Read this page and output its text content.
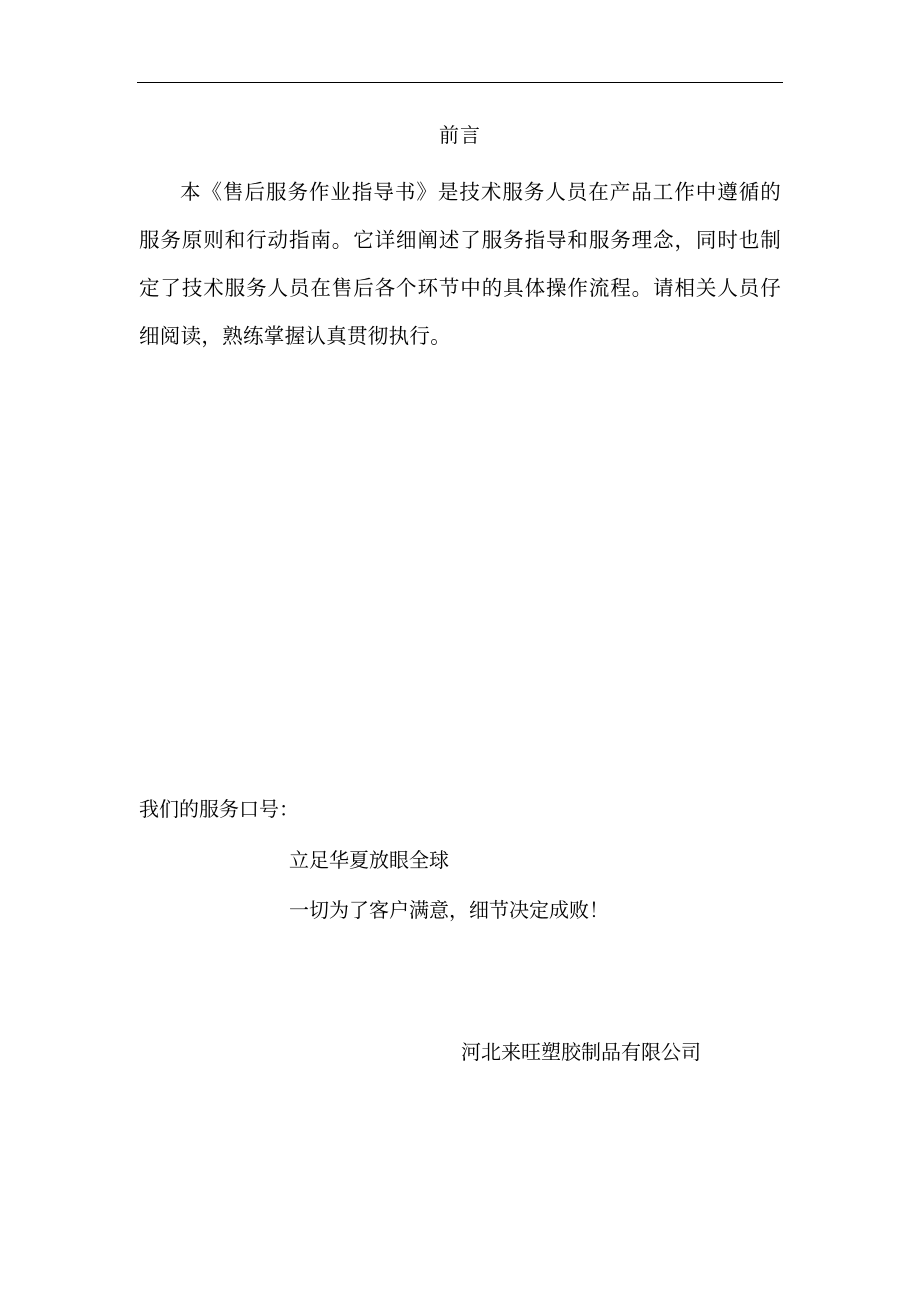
前言

本《售后服务作业指导书》是技术服务人员在产品工作中遵循的服务原则和行动指南。它详细阐述了服务指导和服务理念，同时也制定了技术服务人员在售后各个环节中的具体操作流程。请相关人员仔细阅读，熟练掌握认真贯彻执行。

我们的服务口号：
立足华夏放眼全球
一切为了客户满意，细节决定成败！
河北来旺塑胶制品有限公司
